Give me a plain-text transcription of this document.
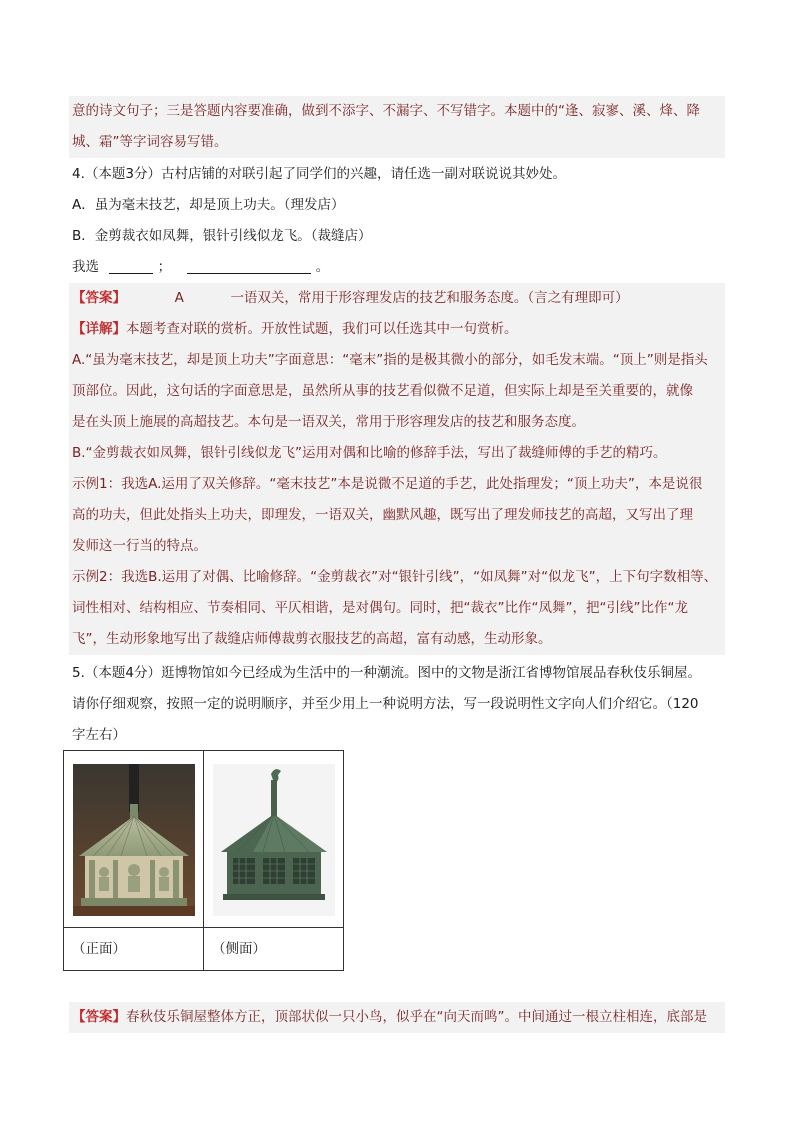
意的诗文句子；三是答题内容要准确，做到不添字、不漏字、不写错字。本题中的“逢、寂寥、溪、烽、降

城、霜”等字词容易写错。

4.（本题3分）古村店铺的对联引起了同学们的兴趣，请任选一副对联说说其妙处。

A．虽为毫末技艺，却是顶上功夫。（理发店）

B．金剪裁衣如凤舞，银针引线似龙飞。（裁缝店）

我选	；	。

【答案】	A	一语双关，常用于形容理发店的技艺和服务态度。（言之有理即可）

【详解】本题考查对联的赏析。开放性试题，我们可以任选其中一句赏析。

A.“虽为毫末技艺，却是顶上功夫”字面意思：“毫末”指的是极其微小的部分，如毛发末端。“顶上”则是指头

顶部位。因此，这句话的字面意思是，虽然所从事的技艺看似微不足道，但实际上却是至关重要的，就像

是在头顶上施展的高超技艺。本句是一语双关，常用于形容理发店的技艺和服务态度。

B.“金剪裁衣如凤舞，银针引线似龙飞”运用对偶和比喻的修辞手法，写出了裁缝师傅的手艺的精巧。

示例1：我选A.运用了双关修辞。“毫末技艺”本是说微不足道的手艺，此处指理发；“顶上功夫”，本是说很

高的功夫，但此处指头上功夫，即理发，一语双关，幽默风趣，既写出了理发师技艺的高超，又写出了理

发师这一行当的特点。

示例2：我选B.运用了对偶、比喻修辞。“金剪裁衣”对“银针引线”，“如凤舞”对“似龙飞”，上下句字数相等、

词性相对、结构相应、节奏相同、平仄相谐，是对偶句。同时，把“裁衣”比作“凤舞”，把“引线”比作“龙

飞”，生动形象地写出了裁缝店师傅裁剪衣服技艺的高超，富有动感，生动形象。

5.（本题4分）逛博物馆如今已经成为生活中的一种潮流。图中的文物是浙江省博物馆展品春秋伎乐铜屋。

请你仔细观察，按照一定的说明顺序，并至少用上一种说明方法，写一段说明性文字向人们介绍它。（120

字左右）

（正面）	（侧面）

【答案】春秋伎乐铜屋整体方正，顶部状似一只小鸟，似乎在“向天而鸣”。中间通过一根立柱相连，底部是
